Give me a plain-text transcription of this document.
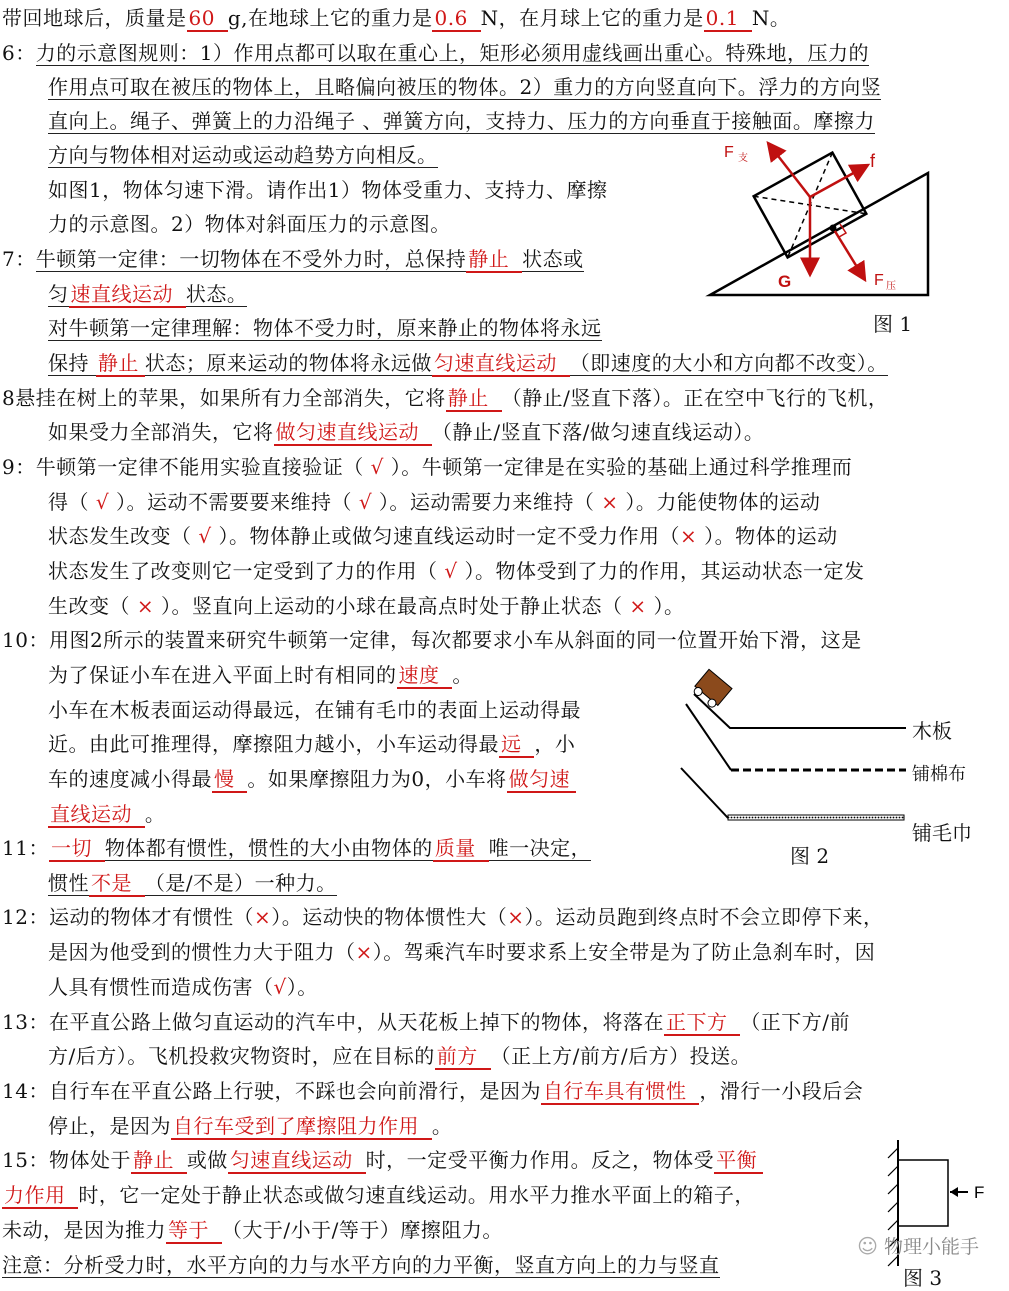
带回地球后，质量是 60 g,在地球上它的重力是 0.6 N，在月球上它的重力是 0.1 N。
6：力的示意图规则：1）作用点都可以取在重心上，矩形必须用虚线画出重心。特殊地，压力的
作用点可取在被压的物体上，且略偏向被压的物体。2）重力的方向竖直向下。浮力的方向竖
直向上。绳子、弹簧上的力沿绳子 、弹簧方向，支持力、压力的方向垂直于接触面。摩擦力
方向与物体相对运动或运动趋势方向相反。
如图1，物体匀速下滑。请作出1）物体受重力、支持力、摩擦
力的示意图。2）物体对斜面压力的示意图。
7：牛顿第一定律：一切物体在不受外力时，总保持 静止 状态或
匀 速直线运动 状态。
对牛顿第一定律理解：物体不受力时，原来静止的物体将永远
保持 静止 状态；原来运动的物体将永远做 匀速直线运动 （即速度的大小和方向都不改变）。
8悬挂在树上的苹果，如果所有力全部消失，它将 静止 （静止/竖直下落）。正在空中飞行的飞机，
如果受力全部消失，它将 做匀速直线运动 （静止/竖直下落/做匀速直线运动）。
9：牛顿第一定律不能用实验直接验证（ √ ）。牛顿第一定律是在实验的基础上通过科学推理而
得（ √ ）。运动不需要要来维持（ √ ）。运动需要力来维持（ × ）。力能使物体的运动
状态发生改变（ √ ）。物体静止或做匀速直线运动时一定不受力作用（× ）。物体的运动
状态发生了改变则它一定受到了力的作用（ √ ）。物体受到了力的作用，其运动状态一定发
生改变（ × ）。竖直向上运动的小球在最高点时处于静止状态（ × ）。
10：用图2所示的装置来研究牛顿第一定律，每次都要求小车从斜面的同一位置开始下滑，这是
为了保证小车在进入平面上时有相同的 速度 。
小车在木板表面运动得最远，在铺有毛巾的表面上运动得最
近。由此可推理得，摩擦阻力越小，小车运动得最 远 ，小
车的速度减小得最 慢 。如果摩擦阻力为0，小车将 做匀速
直线运动 。
11： 一切 物体都有惯性，惯性的大小由物体的 质量 唯一决定，
惯性 不是 （是/不是）一种力。
12：运动的物体才有惯性（×）。运动快的物体惯性大（×）。运动员跑到终点时不会立即停下来，
是因为他受到的惯性力大于阻力（×）。驾乘汽车时要求系上安全带是为了防止急刹车时，因
人具有惯性而造成伤害（√）。
13：在平直公路上做匀直运动的汽车中，从天花板上掉下的物体，将落在 正下方 （正下方/前
方/后方）。飞机投救灾物资时，应在目标的 前方 （正上方/前方/后方）投送。
14：自行车在平直公路上行驶，不踩也会向前滑行，是因为 自行车具有惯性 ，滑行一小段后会
停止，是因为 自行车受到了摩擦阻力作用 。
15：物体处于 静止 或做 匀速直线运动 时，一定受平衡力作用。反之，物体受 平衡
力作用 时，它一定处于静止状态或做匀速直线运动。用水平力推水平面上的箱子，
未动，是因为推力 等于 （大于/小于/等于）摩擦阻力。
注意：分析受力时，水平方向的力与水平方向的力平衡，竖直方向上的力与竖直
F 支	f
G	F 压
图 1
木板
铺棉布
铺毛巾
图 2
F
图 3
☺ 物理小能手
